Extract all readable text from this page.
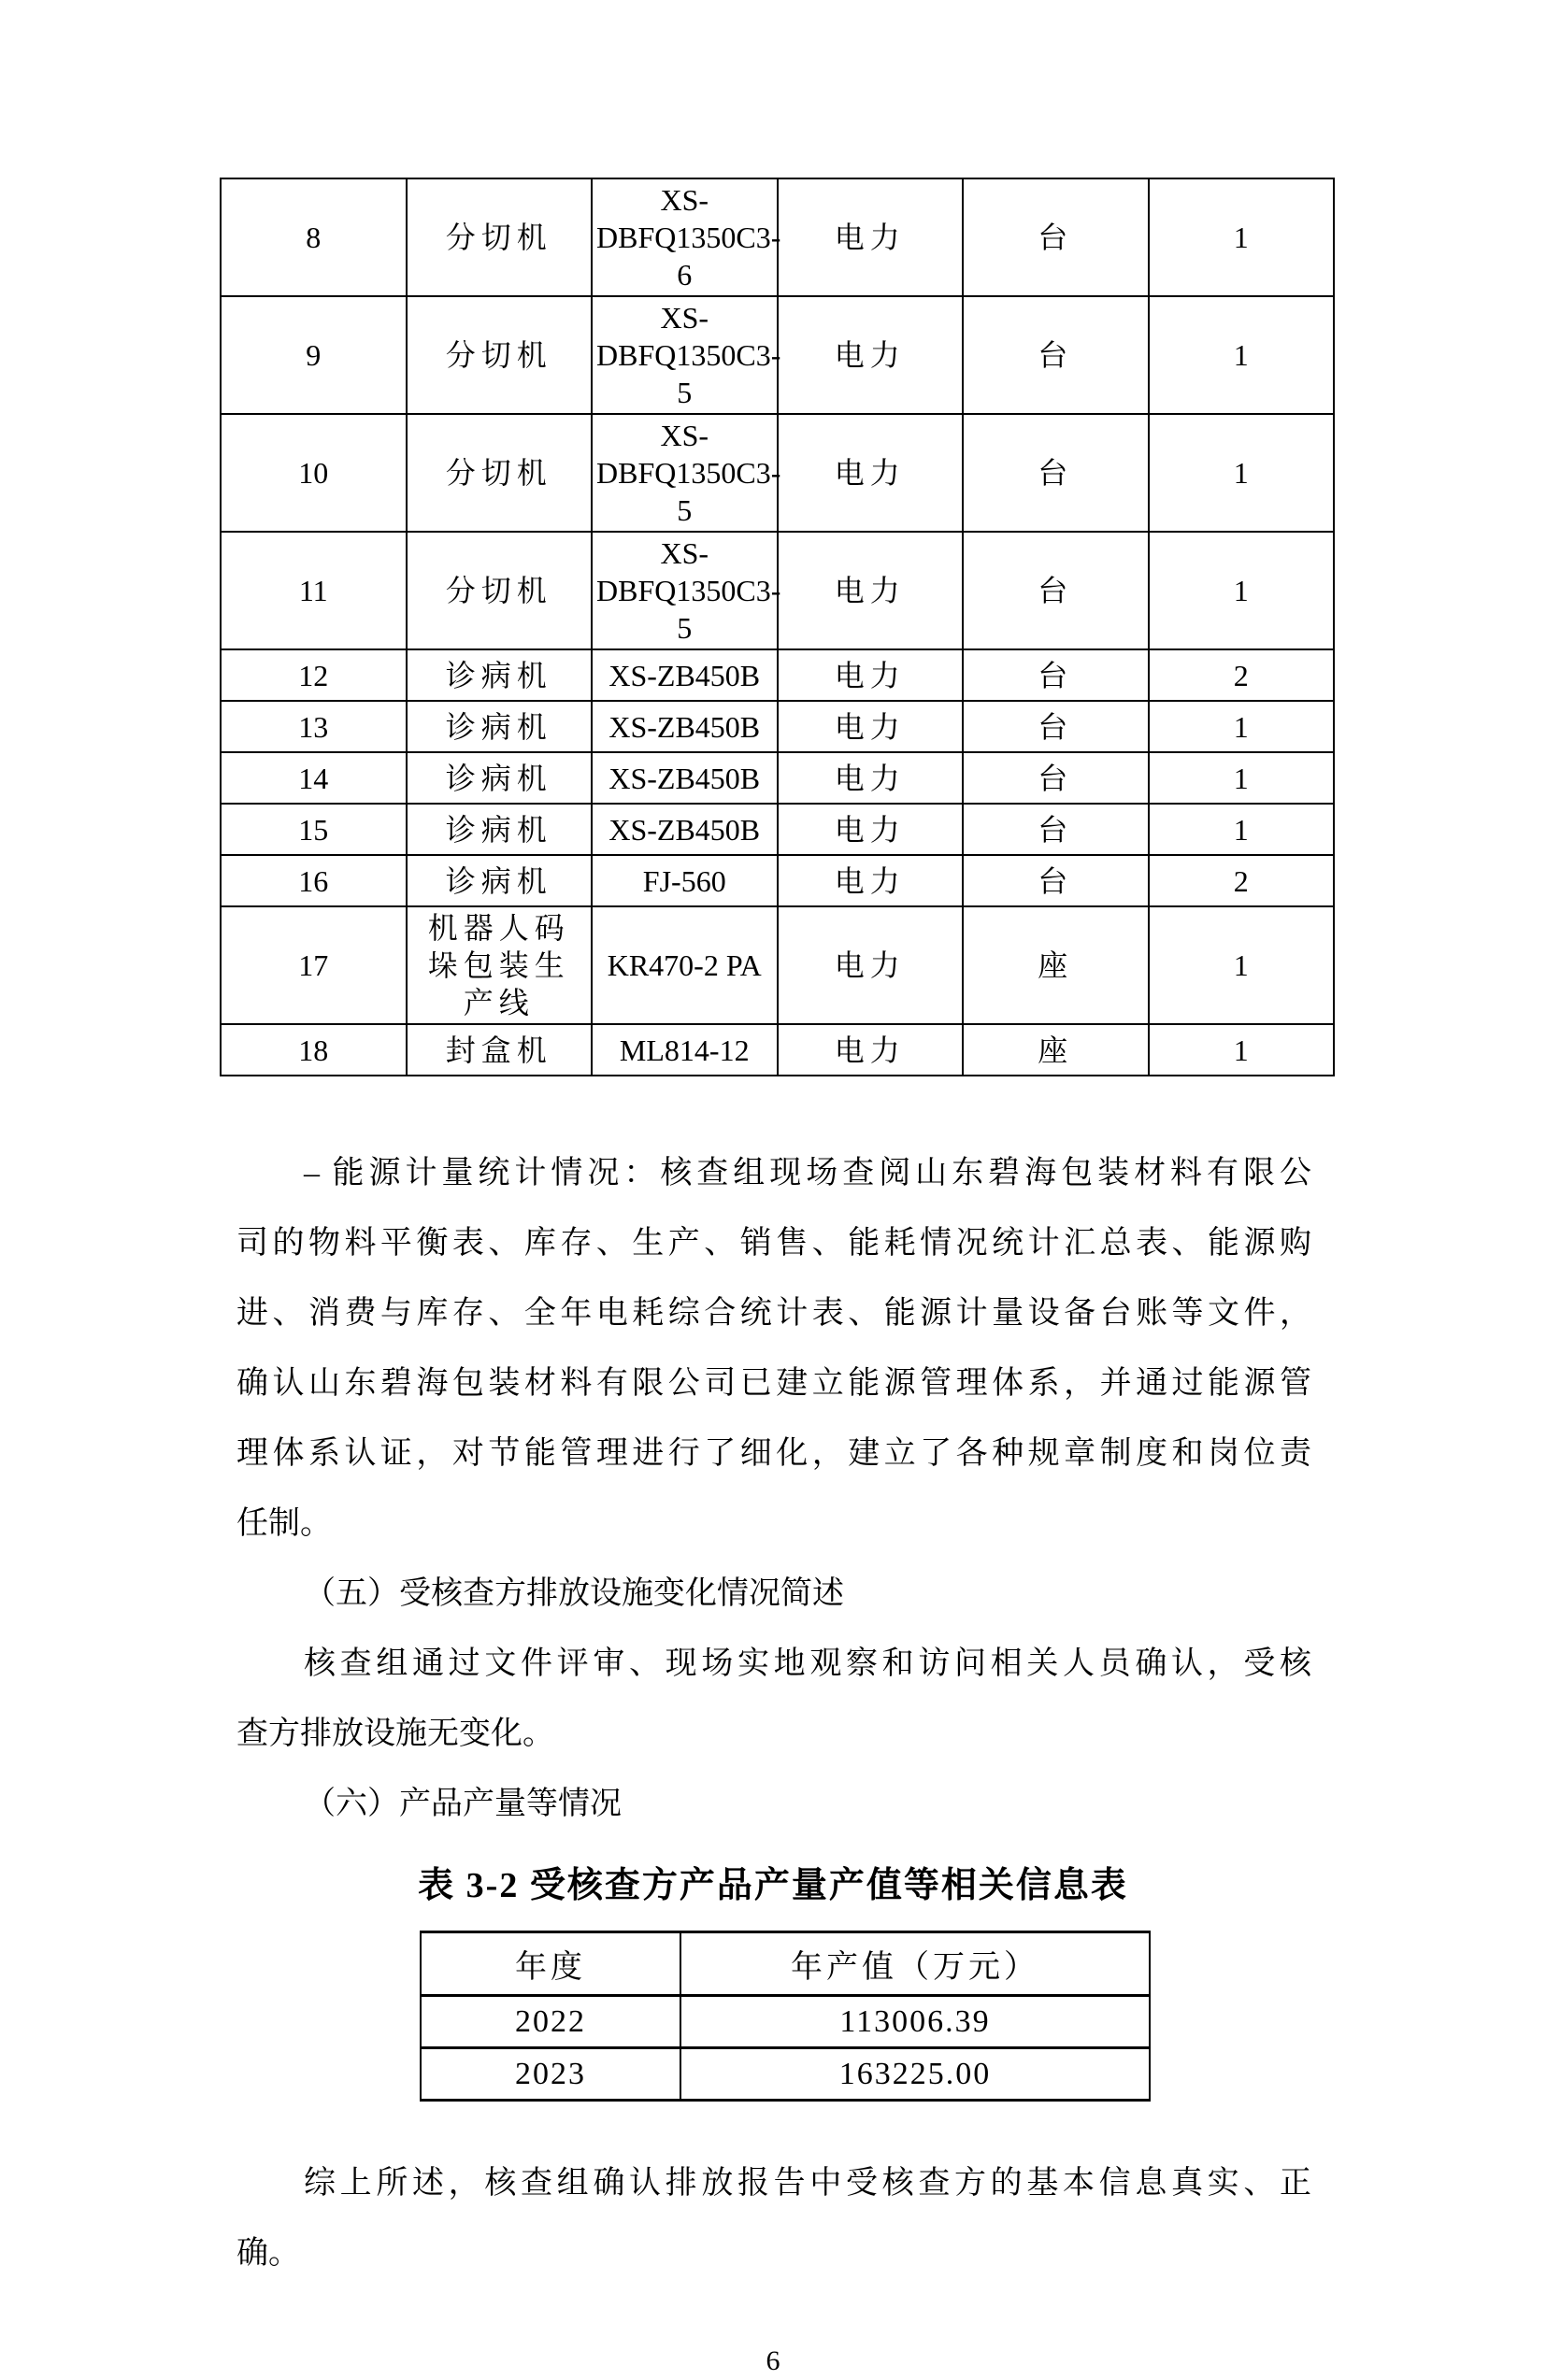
8	分切机	XS-DBFQ1350C3-6	电力	台	1
9	分切机	XS-DBFQ1350C3-5	电力	台	1
10	分切机	XS-DBFQ1350C3-5	电力	台	1
11	分切机	XS-DBFQ1350C3-5	电力	台	1
12	诊病机	XS-ZB450B	电力	台	2
13	诊病机	XS-ZB450B	电力	台	1
14	诊病机	XS-ZB450B	电力	台	1
15	诊病机	XS-ZB450B	电力	台	1
16	诊病机	FJ-560	电力	台	2
17	机器人码垛包装生产线	KR470-2 PA	电力	座	1
18	封盒机	ML814-12	电力	座	1
– 能源计量统计情况：核查组现场查阅山东碧海包装材料有限公
司的物料平衡表、库存、生产、销售、能耗情况统计汇总表、能源购
进、消费与库存、全年电耗综合统计表、能源计量设备台账等文件，
确认山东碧海包装材料有限公司已建立能源管理体系，并通过能源管
理体系认证，对节能管理进行了细化，建立了各种规章制度和岗位责
任制。
（五）受核查方排放设施变化情况简述
核查组通过文件评审、现场实地观察和访问相关人员确认，受核
查方排放设施无变化。
（六）产品产量等情况
表 3-2 受核查方产品产量产值等相关信息表
年度	年产值（万元）
2022	113006.39
2023	163225.00
综上所述，核查组确认排放报告中受核查方的基本信息真实、正
确。
6
